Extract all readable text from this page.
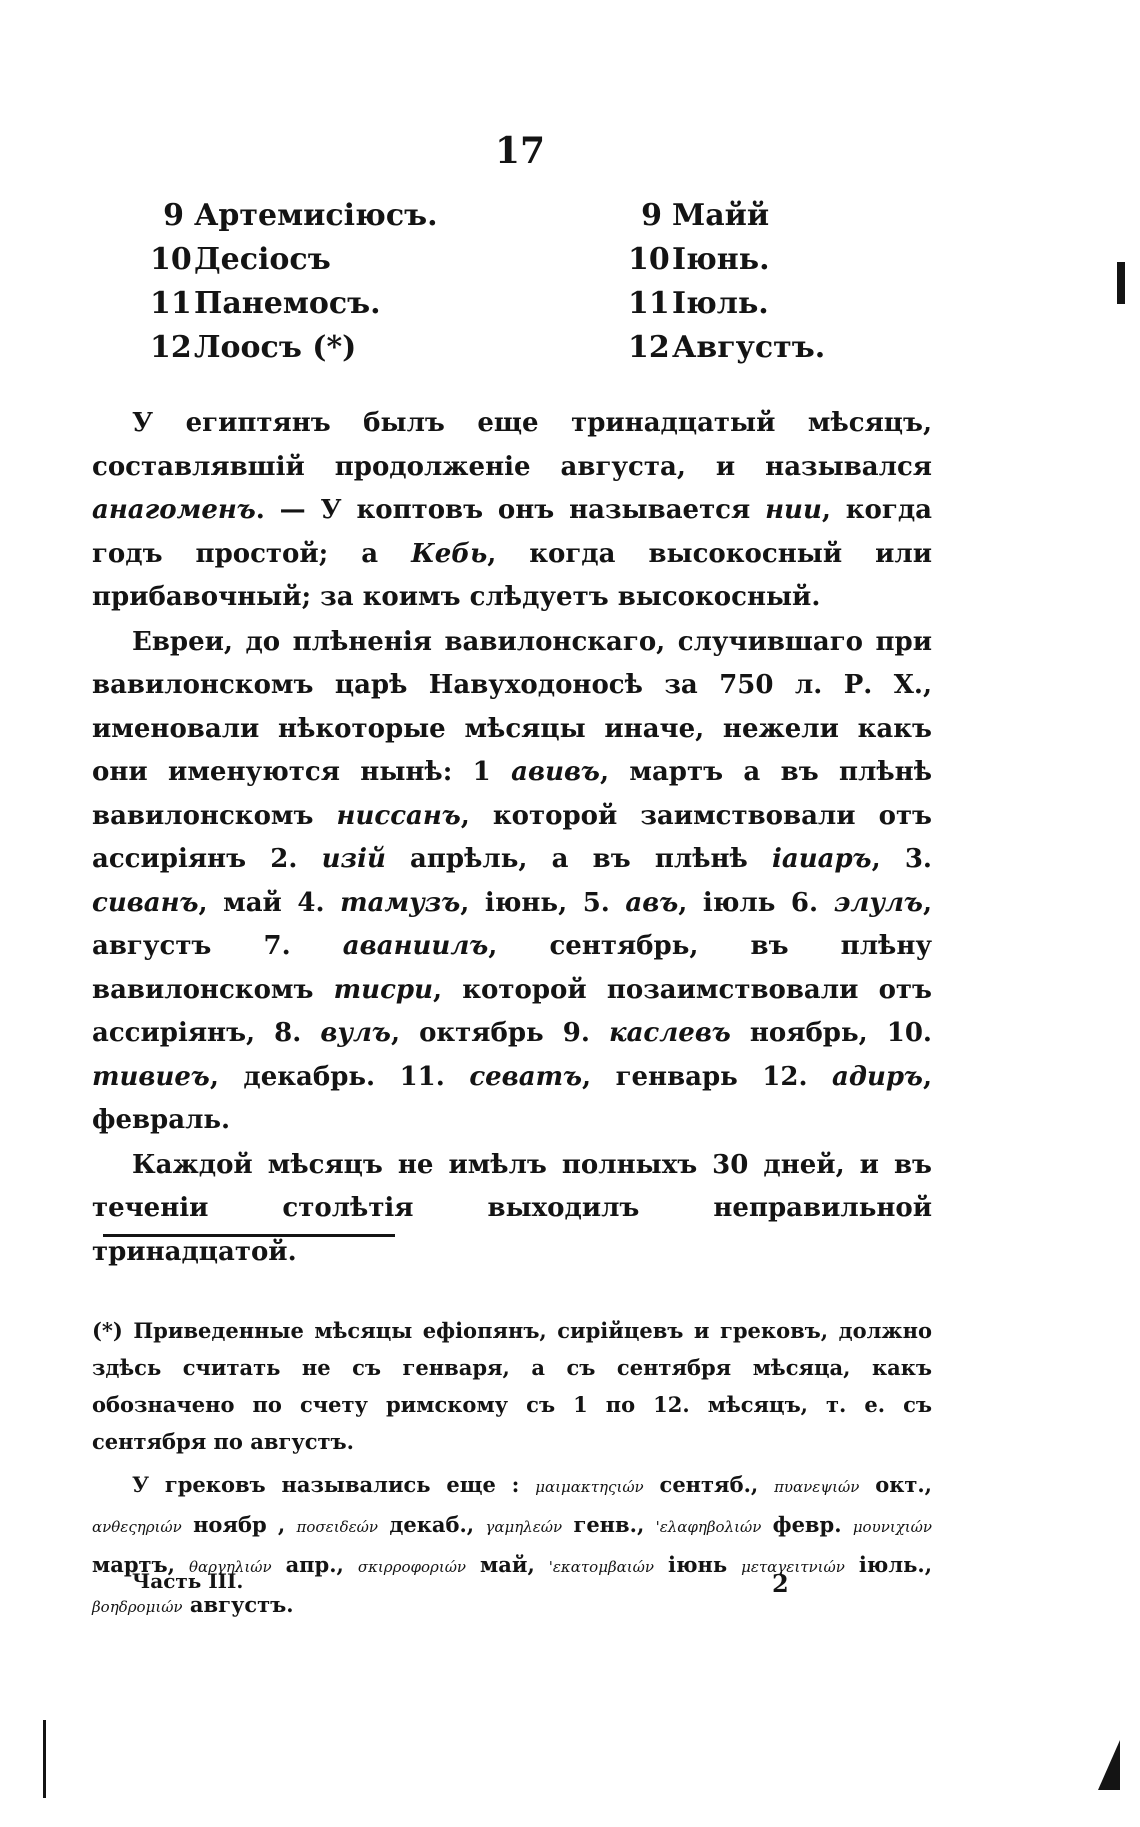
17
9 Артемисіюсъ.	9 Майй
10Десіосъ	10Іюнь.
11Панемосъ.	11Іюль.
12Лоосъ (*)	12Августъ.

У египтянъ былъ еще тринадцатый мѣсяцъ, составлявшій продолженіе августа, и назывался анагоменъ. — У коптовъ онъ называется нии, когда годъ простой; а Кебь, когда высокосный или прибавочный; за коимъ слѣдуетъ высокосный.

Евреи, до плѣненія вавилонскаго, случившаго при вавилонскомъ царѣ Навуходоносѣ за 750 л. Р. Х., именовали нѣкоторые мѣсяцы иначе, нежели какъ они именуются нынѣ: 1 авивъ, мартъ а въ плѣнѣ вавилонскомъ ниссанъ, которой заимствовали отъ ассиріянъ 2. изій апрѣль, а въ плѣнѣ іаиаръ, 3. сиванъ, май 4. тамузъ, іюнь, 5. авъ, іюль 6. элулъ, августъ 7. аваниилъ, сентябрь, въ плѣну вавилонскомъ тисри, которой позаимствовали отъ ассиріянъ, 8. вулъ, октябрь 9. каслевъ ноябрь, 10. тивиеъ, декабрь. 11. севатъ, генварь 12. адиръ, февраль.

Каждой мѣсяцъ не имѣлъ полныхъ 30 дней, и въ теченіи столѣтія выходилъ неправильной тринадцатой.

(*) Приведенные мѣсяцы ефіопянъ, сирійцевъ и грековъ, должно здѣсь считать не съ генваря, а съ сентября мѣсяца, какъ обозначено по счету римскому съ 1 по 12. мѣсяцъ, т. е. съ сентября по августъ.

У грековъ назывались еще : μαιμακτηςιών сентяб., πυανεψιών окт., ανθεςηριών ноябр , ποσειδεών декаб., γαμηλεών генв., 'ελαφηβολιών февр. μουνιχιών мартъ, θαργηλιών апр., σκιρροφοριών май, 'εκατομβαιών іюнь μεταγειτνιών іюль., βοηδρομιών августъ.

Часть III.	2
